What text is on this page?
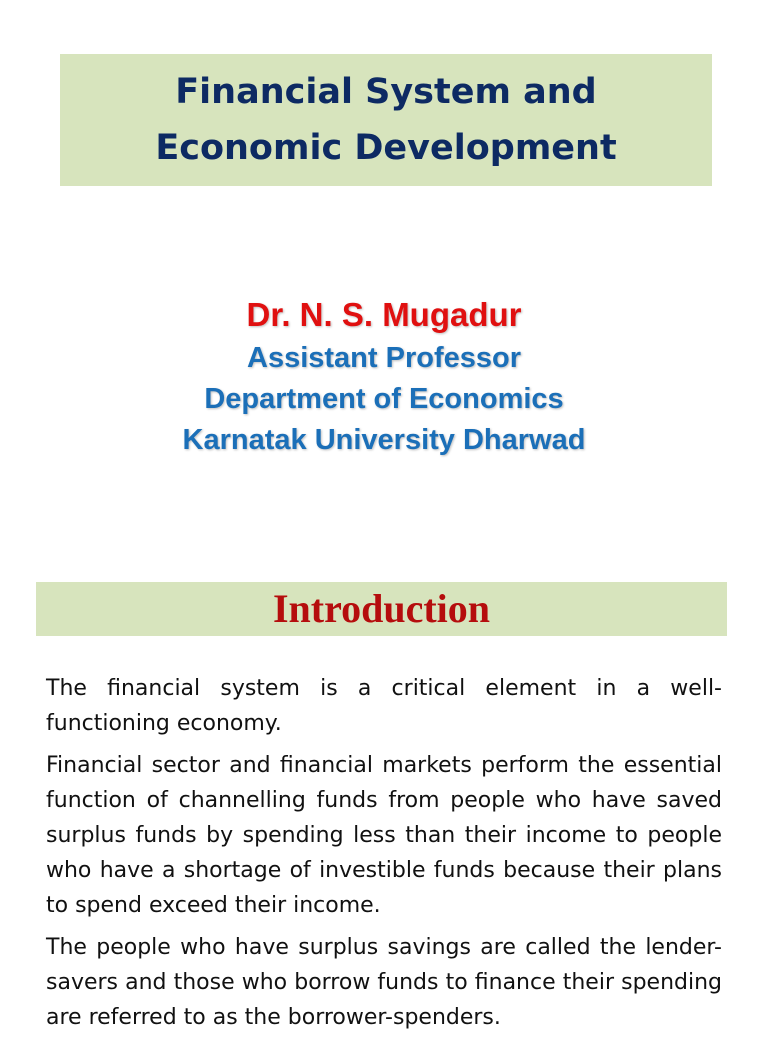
Financial System and Economic Development
Dr. N. S. Mugadur
Assistant Professor
Department of Economics
Karnatak University Dharwad
Introduction

The financial system is a critical element in a well-functioning economy.

Financial sector and financial markets perform the essential function of channelling funds from people who have saved surplus funds by spending less than their income to people who have a shortage of investible funds because their plans to spend exceed their income.

The people who have surplus savings are called the lender-savers and those who borrow funds to finance their spending are referred to as the borrower-spenders.
